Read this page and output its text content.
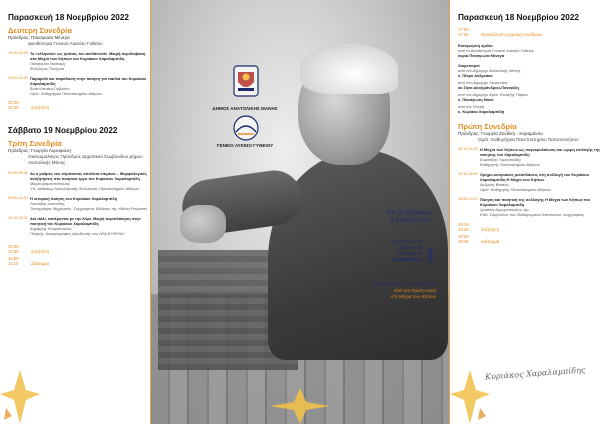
Παρασκευή 18 Νοεμβρίου 2022
Δεύτερη Συνεδρία
Πρόεδρος: Παναγιώτα Μένεγα
Διευθύντρια Γενικού Λυκείου Γυθείου
19:40-20:00 Το «ελληνικό» ως τρόπος του αισθάνεσθε. Μικρή περιδιάβαση στα Μύχια των Κήπων του Κυριάκου Χαραλαμπίδη
Παναγιώτα Λάσκαρη
Φιλόλογος Ποιήτρια
20:00-20:20 Παραμύθι και παράδοση στην ποίηση για παιδιά του Κυριάκου Χαραλαμπίδη
Άντα Κατσίκη-Γκίβαλου
Ομότ. Καθηγήτρια Πανεπιστημίου Αθηνών
20:20-20:40	Συζήτηση
Σάββατο 19 Νοεμβρίου 2022
Τρίτη Συνεδρία
Πρόεδρος: Γεωργία Λυροφώνη
Οικονομολόγος Πρόεδρος Δημοτικού Συμβουλίου Δήμου Ανατολικής Μάνης
09:30-09:50 Αν ο ρυθμός του σύμπαντος απόλυτα επιμένει... Μορφολογικές αναζητήσεις στο ποιητικό έργο του Κυριάκου Χαραλαμπίδη
Μαρία Διαμαντοπούλου
Υπ. Διδάκτωρ Νεοελληνικής Φιλολογίας Πανεπιστημίου Αθηνών
09:50-10:10 Η ιστορική ποίηση του Κυριάκου Χαραλαμπίδη
Λεωνίδας Ιωαννίδης
Τοπογράφος Μηχανικός, Συγγραφέας Ειδήσεις της «Μάνη Ρεύματα»
10:10-10:30 Ακί πάλι, πατέρονται με την Κύρι. Μικρή περιπλάνηση στην ποιητική του Κυριάκου Χαραλαμπίδη
Δημήτρης Κοσμόπουλος
Ποιητής, Δοκιμιογράφος Διευθυντής του ΛΕΑ ΕΥΘΥΝΗ
10:30-10:50	Συζήτηση
10:50-11:10	Διάλειμμα
ΔΗΜΟΣ ΑΝΑΤΟΛΙΚΗΣ ΜΑΝΗΣ
ΓΕΝΙΚΟ ΛΥΚΕΙΟ ΓΥΘΕΙΟΥ
ΠΡΟΓΡΑΜΜΑ
ΣΥΝΕΔΡΙΟΥ
Παρασκευή 18
Σάββατο 19
Κυριακή 20
ΝΟΕΜΒΡΙΟΥ 2022
ΚΥΡΙΑΚΟΣ ΧΑΡΑΛΑΜΠΙΔΗΣ
από την Πρώτη αυγή
στη Μύχια των Κήπων
Παρασκευή 18 Νοεμβρίου 2022
17:00-17:30	Προσέλευση-εγγραφή συνέδρων
Εισαγωγική ομιλία
από τη Διευθύντρια Γενικού Λυκείου Γυθείου
κυρία Παναγιώτα Μένεγα
Χαιρετισμοί
από τον Δήμαρχο Ανατολικής Μάνης
κ. Πέτρο Ανδρεάκο
από τον Δήμαρχο Λευκωσίας
κα Σίγια Αναξιμάνδρου-Παναγίδη
από τον Δήμαρχο Αγίας Φύλαξης Πάφου
κ. Παναγιώτη Νάνο
από τον Ποιητή
κ. Κυριάκο Χαραλαμπίδη
Πρώτη Συνεδρία
Πρόεδρος: Γεωργία Ζανδίκη - Καραμάνου
Ομότ. Καθηγήτρια Πανεπιστημίου Πελοποννήσου
18:10-18:30 Η Μύχια των Κήπων ως συγκεφαλαίωση και ώριμη επιλογής της ποίησης του Χαραλαμπίδη
Ευριπίδης Γαραντούδης
Καθηγητής Πανεπιστημίου Αθηνών
18:30-18:50 Ομηρο-κυπριακός μεταπλάσεις στη συλλογή του Κυριάκου Χαραλαμπίδη Η Μύχια των Κήπων
Ανδρέας Βασκός
Ομότ. Καθηγητής Πανεπιστημίου Αθηνών
18:50-19:10 Ποίηση και ποιητική της συλλογής Η Μύχια των Κήπων του Κυριάκου Χαραλαμπίδη
Χριστίνα Αργυροπούλου, Δρ.
Επίτ. Σύμβουλος του Παιδαγωγικού Ινστιτούτου, συγγραφέας
19:10-19:20	Συζήτηση
19:20-19:40	Διάλειμμα
Κυριάκος Χαραλαμπίδης
